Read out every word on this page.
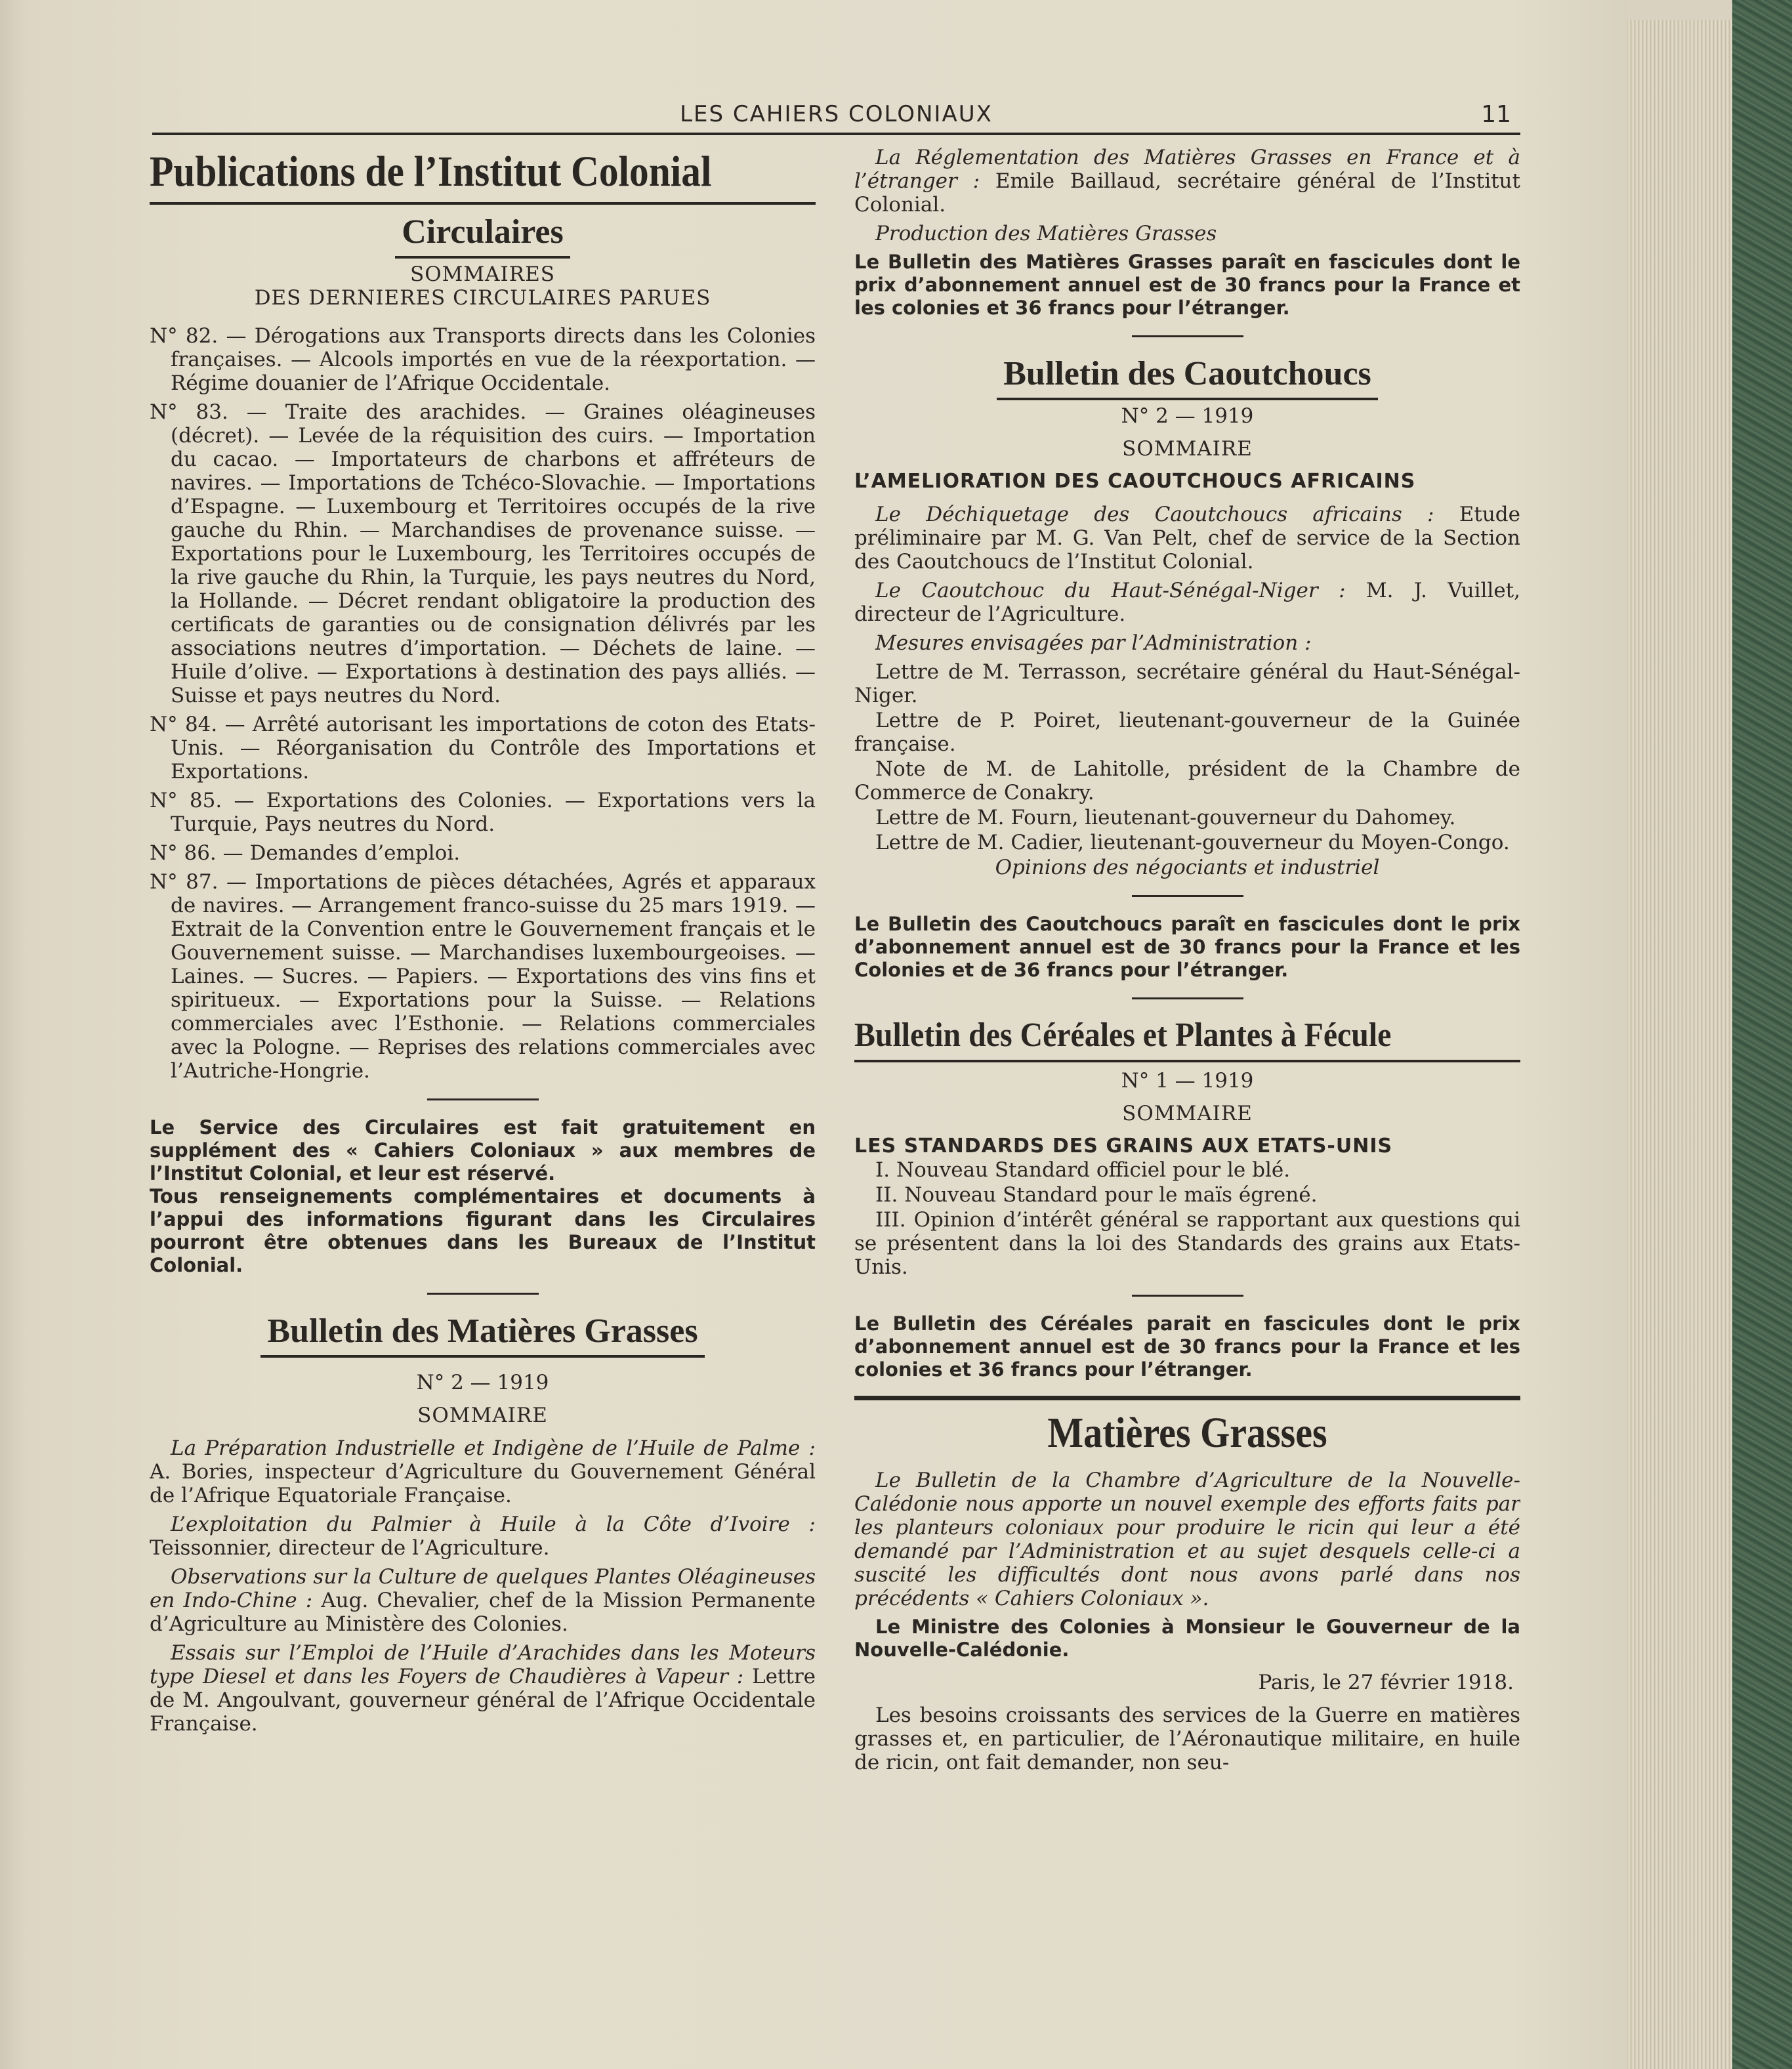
LES CAHIERS COLONIAUX	11
Publications de l’Institut Colonial
Circulaires

SOMMAIRES

DES DERNIERES CIRCULAIRES PARUES

N° 82. — Dérogations aux Transports directs dans les Colonies françaises. — Alcools importés en vue de la réexportation. — Régime douanier de l’Afrique Occidentale.

N° 83. — Traite des arachides. — Graines oléagineuses (décret). — Levée de la réquisition des cuirs. — Importation du cacao. — Importateurs de charbons et affréteurs de navires. — Importations de Tchéco-Slovachie. — Importations d’Espagne. — Luxembourg et Territoires occupés de la rive gauche du Rhin. — Marchandises de provenance suisse. — Exportations pour le Luxembourg, les Territoires occupés de la rive gauche du Rhin, la Turquie, les pays neutres du Nord, la Hollande. — Décret rendant obligatoire la production des certificats de garanties ou de consignation délivrés par les associations neutres d’importation. — Déchets de laine. — Huile d’olive. — Exportations à destination des pays alliés. — Suisse et pays neutres du Nord.

N° 84. — Arrêté autorisant les importations de coton des Etats-Unis. — Réorganisation du Contrôle des Importations et Exportations.

N° 85. — Exportations des Colonies. — Exportations vers la Turquie, Pays neutres du Nord.

N° 86. — Demandes d’emploi.

N° 87. — Importations de pièces détachées, Agrés et apparaux de navires. — Arrangement franco-suisse du 25 mars 1919. — Extrait de la Convention entre le Gouvernement français et le Gouvernement suisse. — Marchandises luxembourgeoises. — Laines. — Sucres. — Papiers. — Exportations des vins fins et spiritueux. — Exportations pour la Suisse. — Relations commerciales avec l’Esthonie. — Relations commerciales avec la Pologne. — Reprises des relations commerciales avec l’Autriche-Hongrie.

Le Service des Circulaires est fait gratuitement en supplément des « Cahiers Coloniaux » aux membres de l’Institut Colonial, et leur est réservé.

Tous renseignements complémentaires et documents à l’appui des informations figurant dans les Circulaires pourront être obtenues dans les Bureaux de l’Institut Colonial.

Bulletin des Matières Grasses

N° 2 — 1919

SOMMAIRE

La Préparation Industrielle et Indigène de l’Huile de Palme : A. Bories, inspecteur d’Agriculture du Gouvernement Général de l’Afrique Equatoriale Française.

L’exploitation du Palmier à Huile à la Côte d’Ivoire : Teissonnier, directeur de l’Agriculture.

Observations sur la Culture de quelques Plantes Oléagineuses en Indo-Chine : Aug. Chevalier, chef de la Mission Permanente d’Agriculture au Ministère des Colonies.

Essais sur l’Emploi de l’Huile d’Arachides dans les Moteurs type Diesel et dans les Foyers de Chaudières à Vapeur : Lettre de M. Angoulvant, gouverneur général de l’Afrique Occidentale Française.

La Réglementation des Matières Grasses en France et à l’étranger : Emile Baillaud, secrétaire général de l’Institut Colonial.

Production des Matières Grasses

Le Bulletin des Matières Grasses paraît en fascicules dont le prix d’abonnement annuel est de 30 francs pour la France et les colonies et 36 francs pour l’étranger.

Bulletin des Caoutchoucs

N° 2 — 1919

SOMMAIRE

L’AMELIORATION DES CAOUTCHOUCS AFRICAINS

Le Déchiquetage des Caoutchoucs africains : Etude préliminaire par M. G. Van Pelt, chef de service de la Section des Caoutchoucs de l’Institut Colonial.

Le Caoutchouc du Haut-Sénégal-Niger : M. J. Vuillet, directeur de l’Agriculture.

Mesures envisagées par l’Administration :

Lettre de M. Terrasson, secrétaire général du Haut-Sénégal-Niger.

Lettre de P. Poiret, lieutenant-gouverneur de la Guinée française.

Note de M. de Lahitolle, président de la Chambre de Commerce de Conakry.

Lettre de M. Fourn, lieutenant-gouverneur du Dahomey.

Lettre de M. Cadier, lieutenant-gouverneur du Moyen-Congo.

Opinions des négociants et industriel

Le Bulletin des Caoutchoucs paraît en fascicules dont le prix d’abonnement annuel est de 30 francs pour la France et les Colonies et de 36 francs pour l’étranger.

Bulletin des Céréales et Plantes à Fécule

N° 1 — 1919

SOMMAIRE

LES STANDARDS DES GRAINS AUX ETATS-UNIS

I. Nouveau Standard officiel pour le blé.

II. Nouveau Standard pour le maïs égrené.

III. Opinion d’intérêt général se rapportant aux questions qui se présentent dans la loi des Standards des grains aux Etats-Unis.

Le Bulletin des Céréales parait en fascicules dont le prix d’abonnement annuel est de 30 francs pour la France et les colonies et 36 francs pour l’étranger.

Matières Grasses

Le Bulletin de la Chambre d’Agriculture de la Nouvelle-Calédonie nous apporte un nouvel exemple des efforts faits par les planteurs coloniaux pour produire le ricin qui leur a été demandé par l’Administration et au sujet desquels celle-ci a suscité les difficultés dont nous avons parlé dans nos précédents « Cahiers Coloniaux ».

Le Ministre des Colonies à Monsieur le Gouverneur de la Nouvelle-Calédonie.

Paris, le 27 février 1918.

Les besoins croissants des services de la Guerre en matières grasses et, en particulier, de l’Aéronautique militaire, en huile de ricin, ont fait demander, non seu-
